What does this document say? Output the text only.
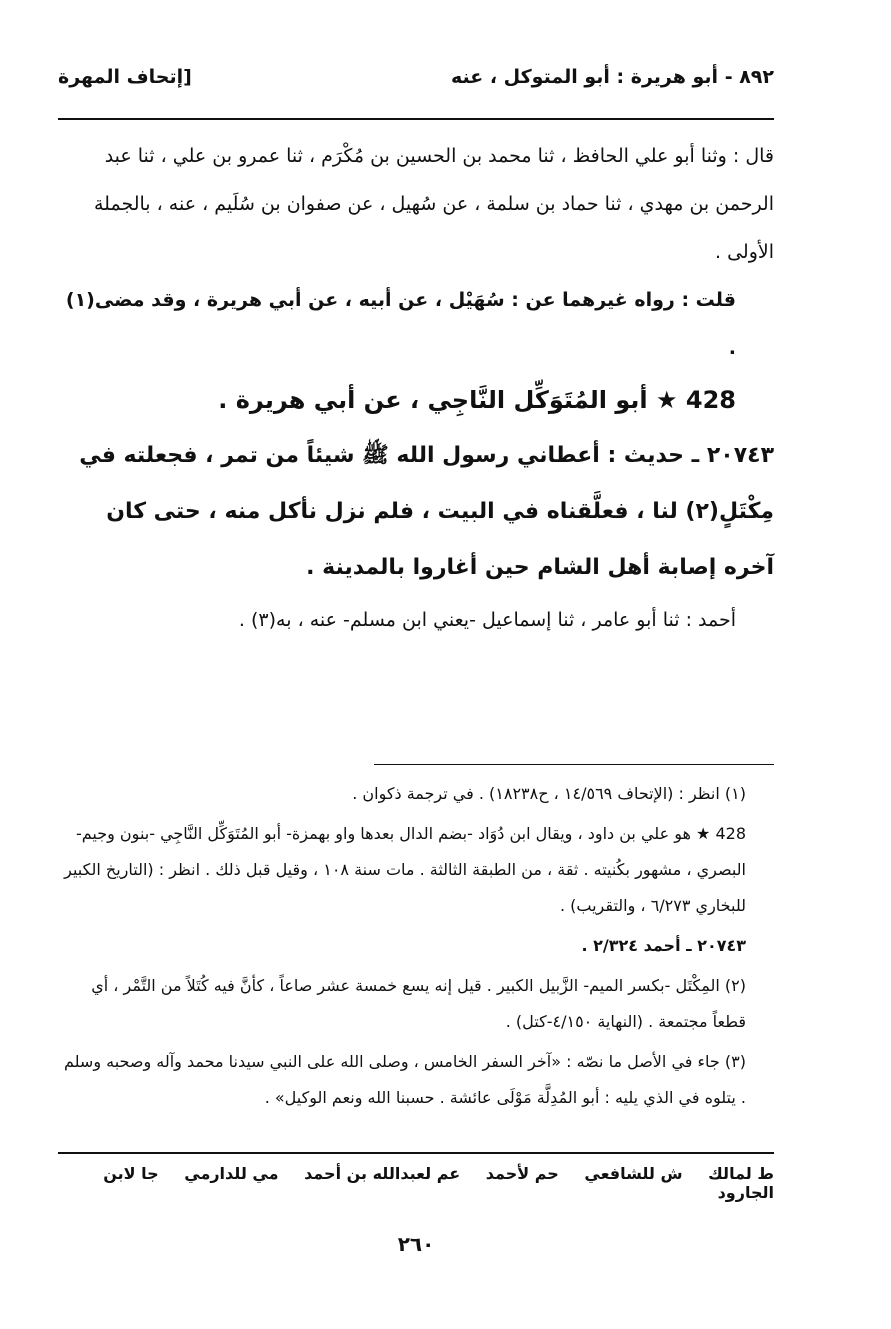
٨٩٢ - أبو هريرة : أبو المتوكل ، عنه
[إتحاف المهرة

قال : وثنا أبو علي الحافظ ، ثنا محمد بن الحسين بن مُكْرَم ، ثنا عمرو بن علي ، ثنا عبد الرحمن بن مهدي ، ثنا حماد بن سلمة ، عن سُهيل ، عن صفوان بن سُلَيم ، عنه ، بالجملة الأولى .

قلت : رواه غيرهما عن : سُهَيْل ، عن أبيه ، عن أبي هريرة ، وقد مضى(١) .

428 ★ أبو المُتَوَكِّل النَّاجِي ، عن أبي هريرة .

٢٠٧٤٣ ـ حديث : أعطاني رسول الله ﷺ شيئاً من تمر ، فجعلته في مِكْتَلٍ(٢) لنا ، فعلَّقناه في البيت ، فلم نزل نأكل منه ، حتى كان آخره إصابة أهل الشام حين أغاروا بالمدينة .

أحمد : ثنا أبو عامر ، ثنا إسماعيل -يعني ابن مسلم- عنه ، به(٣) .

(١) انظر : (الإتحاف ١٤/٥٦٩ ، ح١٨٢٣٨) . في ترجمة ذكوان .

428 ★ هو علي بن داود ، ويقال ابن دُوَاد -بضم الدال بعدها واو بهمزة- أبو المُتَوَكِّل النَّاجِي -بنون وجيم- البصري ، مشهور بكُنيته . ثقة ، من الطبقة الثالثة . مات سنة ١٠٨ ، وقيل قبل ذلك . انظر : (التاريخ الكبير للبخاري ٦/٢٧٣ ، والتقريب) .

٢٠٧٤٣ ـ أحمد ٢/٣٢٤ .

(٢) المِكْتَل -بكسر الميم- الزَّبيل الكبير . قيل إنه يسع خمسة عشر صاعاً ، كأنَّ فيه كُتَلاً من التَّمْر ، أي قطعاً مجتمعة . (النهاية ٤/١٥٠-كتل) .

(٣) جاء في الأصل ما نصّه : «آخر السفر الخامس ، وصلى الله على النبي سيدنا محمد وآله وصحبه وسلم . يتلوه في الذي يليه : أبو المُدِلَّة مَوْلَى عائشة . حسبنا الله ونعم الوكيل» .

ط لمالك ش للشافعي حم لأحمد عم لعبدالله بن أحمد مي للدارمي جا لابن الجارود
٢٦٠
